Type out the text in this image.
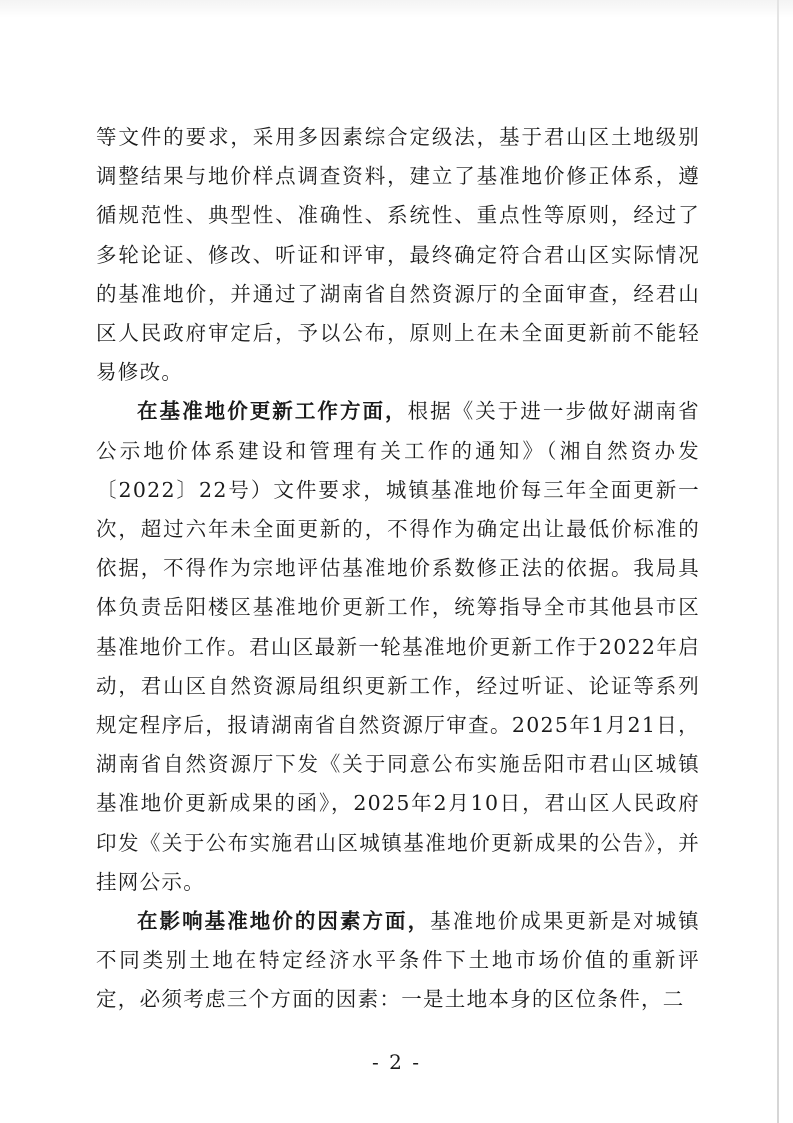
等文件的要求，采用多因素综合定级法，基于君山区土地级别调整结果与地价样点调查资料，建立了基准地价修正体系，遵循规范性、典型性、准确性、系统性、重点性等原则，经过了多轮论证、修改、听证和评审，最终确定符合君山区实际情况的基准地价，并通过了湖南省自然资源厅的全面审查，经君山区人民政府审定后，予以公布，原则上在未全面更新前不能轻易修改。

在基准地价更新工作方面，根据《关于进一步做好湖南省公示地价体系建设和管理有关工作的通知》（湘自然资办发〔2022〕22号）文件要求，城镇基准地价每三年全面更新一次，超过六年未全面更新的，不得作为确定出让最低价标准的依据，不得作为宗地评估基准地价系数修正法的依据。我局具体负责岳阳楼区基准地价更新工作，统筹指导全市其他县市区基准地价工作。君山区最新一轮基准地价更新工作于2022年启动，君山区自然资源局组织更新工作，经过听证、论证等系列规定程序后，报请湖南省自然资源厅审查。2025年1月21日，湖南省自然资源厅下发《关于同意公布实施岳阳市君山区城镇基准地价更新成果的函》，2025年2月10日，君山区人民政府印发《关于公布实施君山区城镇基准地价更新成果的公告》，并挂网公示。

在影响基准地价的因素方面，基准地价成果更新是对城镇不同类别土地在特定经济水平条件下土地市场价值的重新评定，必须考虑三个方面的因素：一是土地本身的区位条件，二

- 2 -
